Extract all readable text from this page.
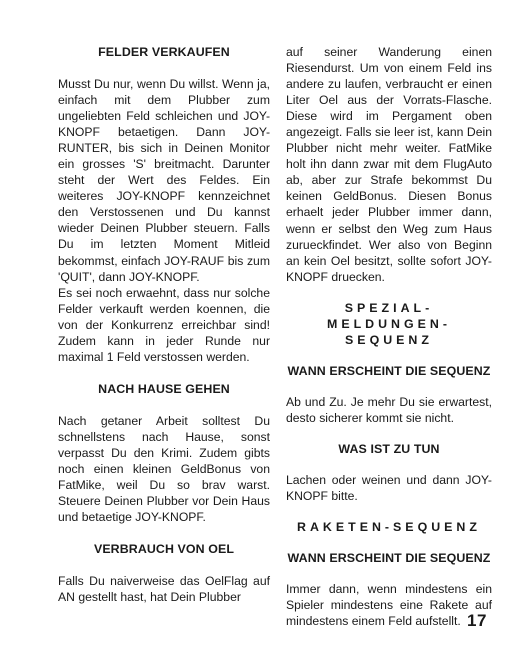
FELDER VERKAUFEN

Musst Du nur, wenn Du willst. Wenn ja, einfach mit dem Plubber zum ungeliebten Feld schleichen und JOY-KNOPF betaetigen. Dann JOY-RUNTER, bis sich in Deinen Monitor ein grosses 'S' breitmacht. Darunter steht der Wert des Feldes. Ein weiteres JOY-KNOPF kennzeichnet den Verstossenen und Du kannst wieder Deinen Plubber steuern. Falls Du im letzten Moment Mitleid bekommst, einfach JOY-RAUF bis zum 'QUIT', dann JOY-KNOPF.

Es sei noch erwaehnt, dass nur solche Felder verkauft werden koennen, die von der Konkurrenz erreichbar sind! Zudem kann in jeder Runde nur maximal 1 Feld verstossen werden.

NACH HAUSE GEHEN

Nach getaner Arbeit solltest Du schnellstens nach Hause, sonst verpasst Du den Krimi. Zudem gibts noch einen kleinen GeldBonus von FatMike, weil Du so brav warst. Steuere Deinen Plubber vor Dein Haus und betaetige JOY-KNOPF.

VERBRAUCH VON OEL

Falls Du naiverweise das OelFlag auf AN gestellt hast, hat Dein Plubber

auf seiner Wanderung einen Riesendurst. Um von einem Feld ins andere zu laufen, verbraucht er einen Liter Oel aus der Vorrats-Flasche. Diese wird im Pergament oben angezeigt. Falls sie leer ist, kann Dein Plubber nicht mehr weiter. FatMike holt ihn dann zwar mit dem FlugAuto ab, aber zur Strafe bekommst Du keinen GeldBonus. Diesen Bonus erhaelt jeder Plubber immer dann, wenn er selbst den Weg zum Haus zurueckfindet. Wer also von Beginn an kein Oel besitzt, sollte sofort JOY-KNOPF druecken.

SPEZIAL-MELDUNGEN-
SEQUENZ
WANN ERSCHEINT DIE SEQUENZ

Ab und Zu. Je mehr Du sie erwartest, desto sicherer kommt sie nicht.

WAS IST ZU TUN

Lachen oder weinen und dann JOY-KNOPF bitte.

RAKETEN-SEQUENZ
WANN ERSCHEINT DIE SEQUENZ

Immer dann, wenn mindestens ein Spieler mindestens eine Rakete auf mindestens einem Feld aufstellt. 17
